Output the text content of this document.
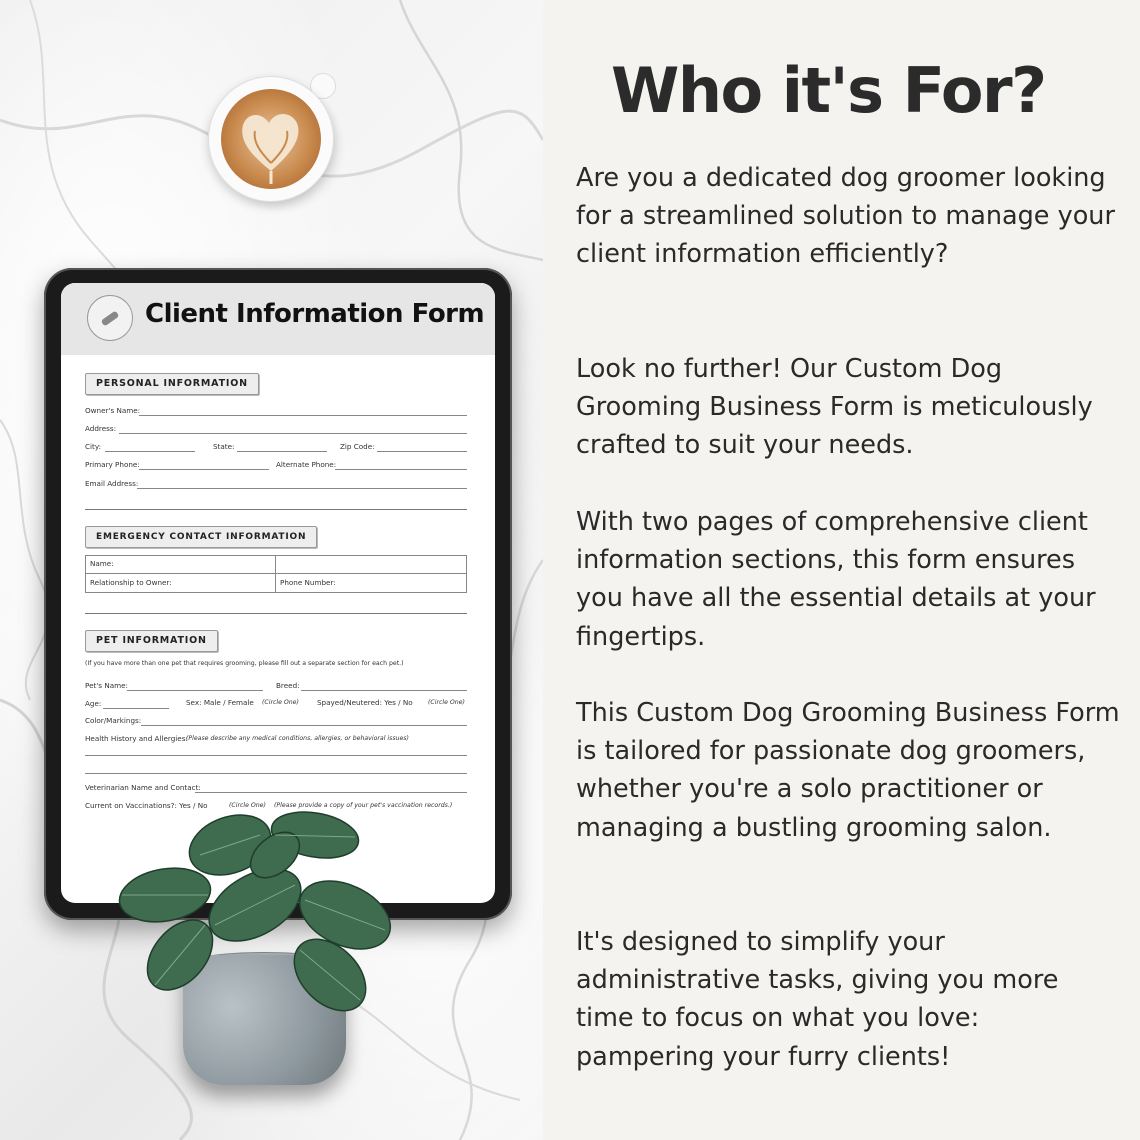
Client Information Form
PERSONAL INFORMATION
Owner's Name:
Address:
City:	State:	Zip Code:
Primary Phone:	Alternate Phone:
Email Address:
EMERGENCY CONTACT INFORMATION
Name:
Relationship to Owner:	Phone Number:
PET INFORMATION
(If you have more than one pet that requires grooming, please fill out a separate section for each pet.)
Pet's Name:	Breed:
Age:	Sex: Male / Female (Circle One)	Spayed/Neutered: Yes / No (Circle One)
Color/Markings:
Health History and Allergies:
(Please describe any medical conditions, allergies, or behavioral issues)
Veterinarian Name and Contact:
Current on Vaccinations?: Yes / No	(Circle One) (Please provide a copy of your pet's vaccination records.)
Who it's For?
Are you a dedicated dog groomer looking for a streamlined solution to manage your client information efficiently?
Look no further! Our Custom Dog Grooming Business Form is meticulously crafted to suit your needs.
With two pages of comprehensive client information sections, this form ensures you have all the essential details at your fingertips.
This Custom Dog Grooming Business Form is tailored for passionate dog groomers, whether you're a solo practitioner or managing a bustling grooming salon.
It's designed to simplify your administrative tasks, giving you more time to focus on what you love: pampering your furry clients!
